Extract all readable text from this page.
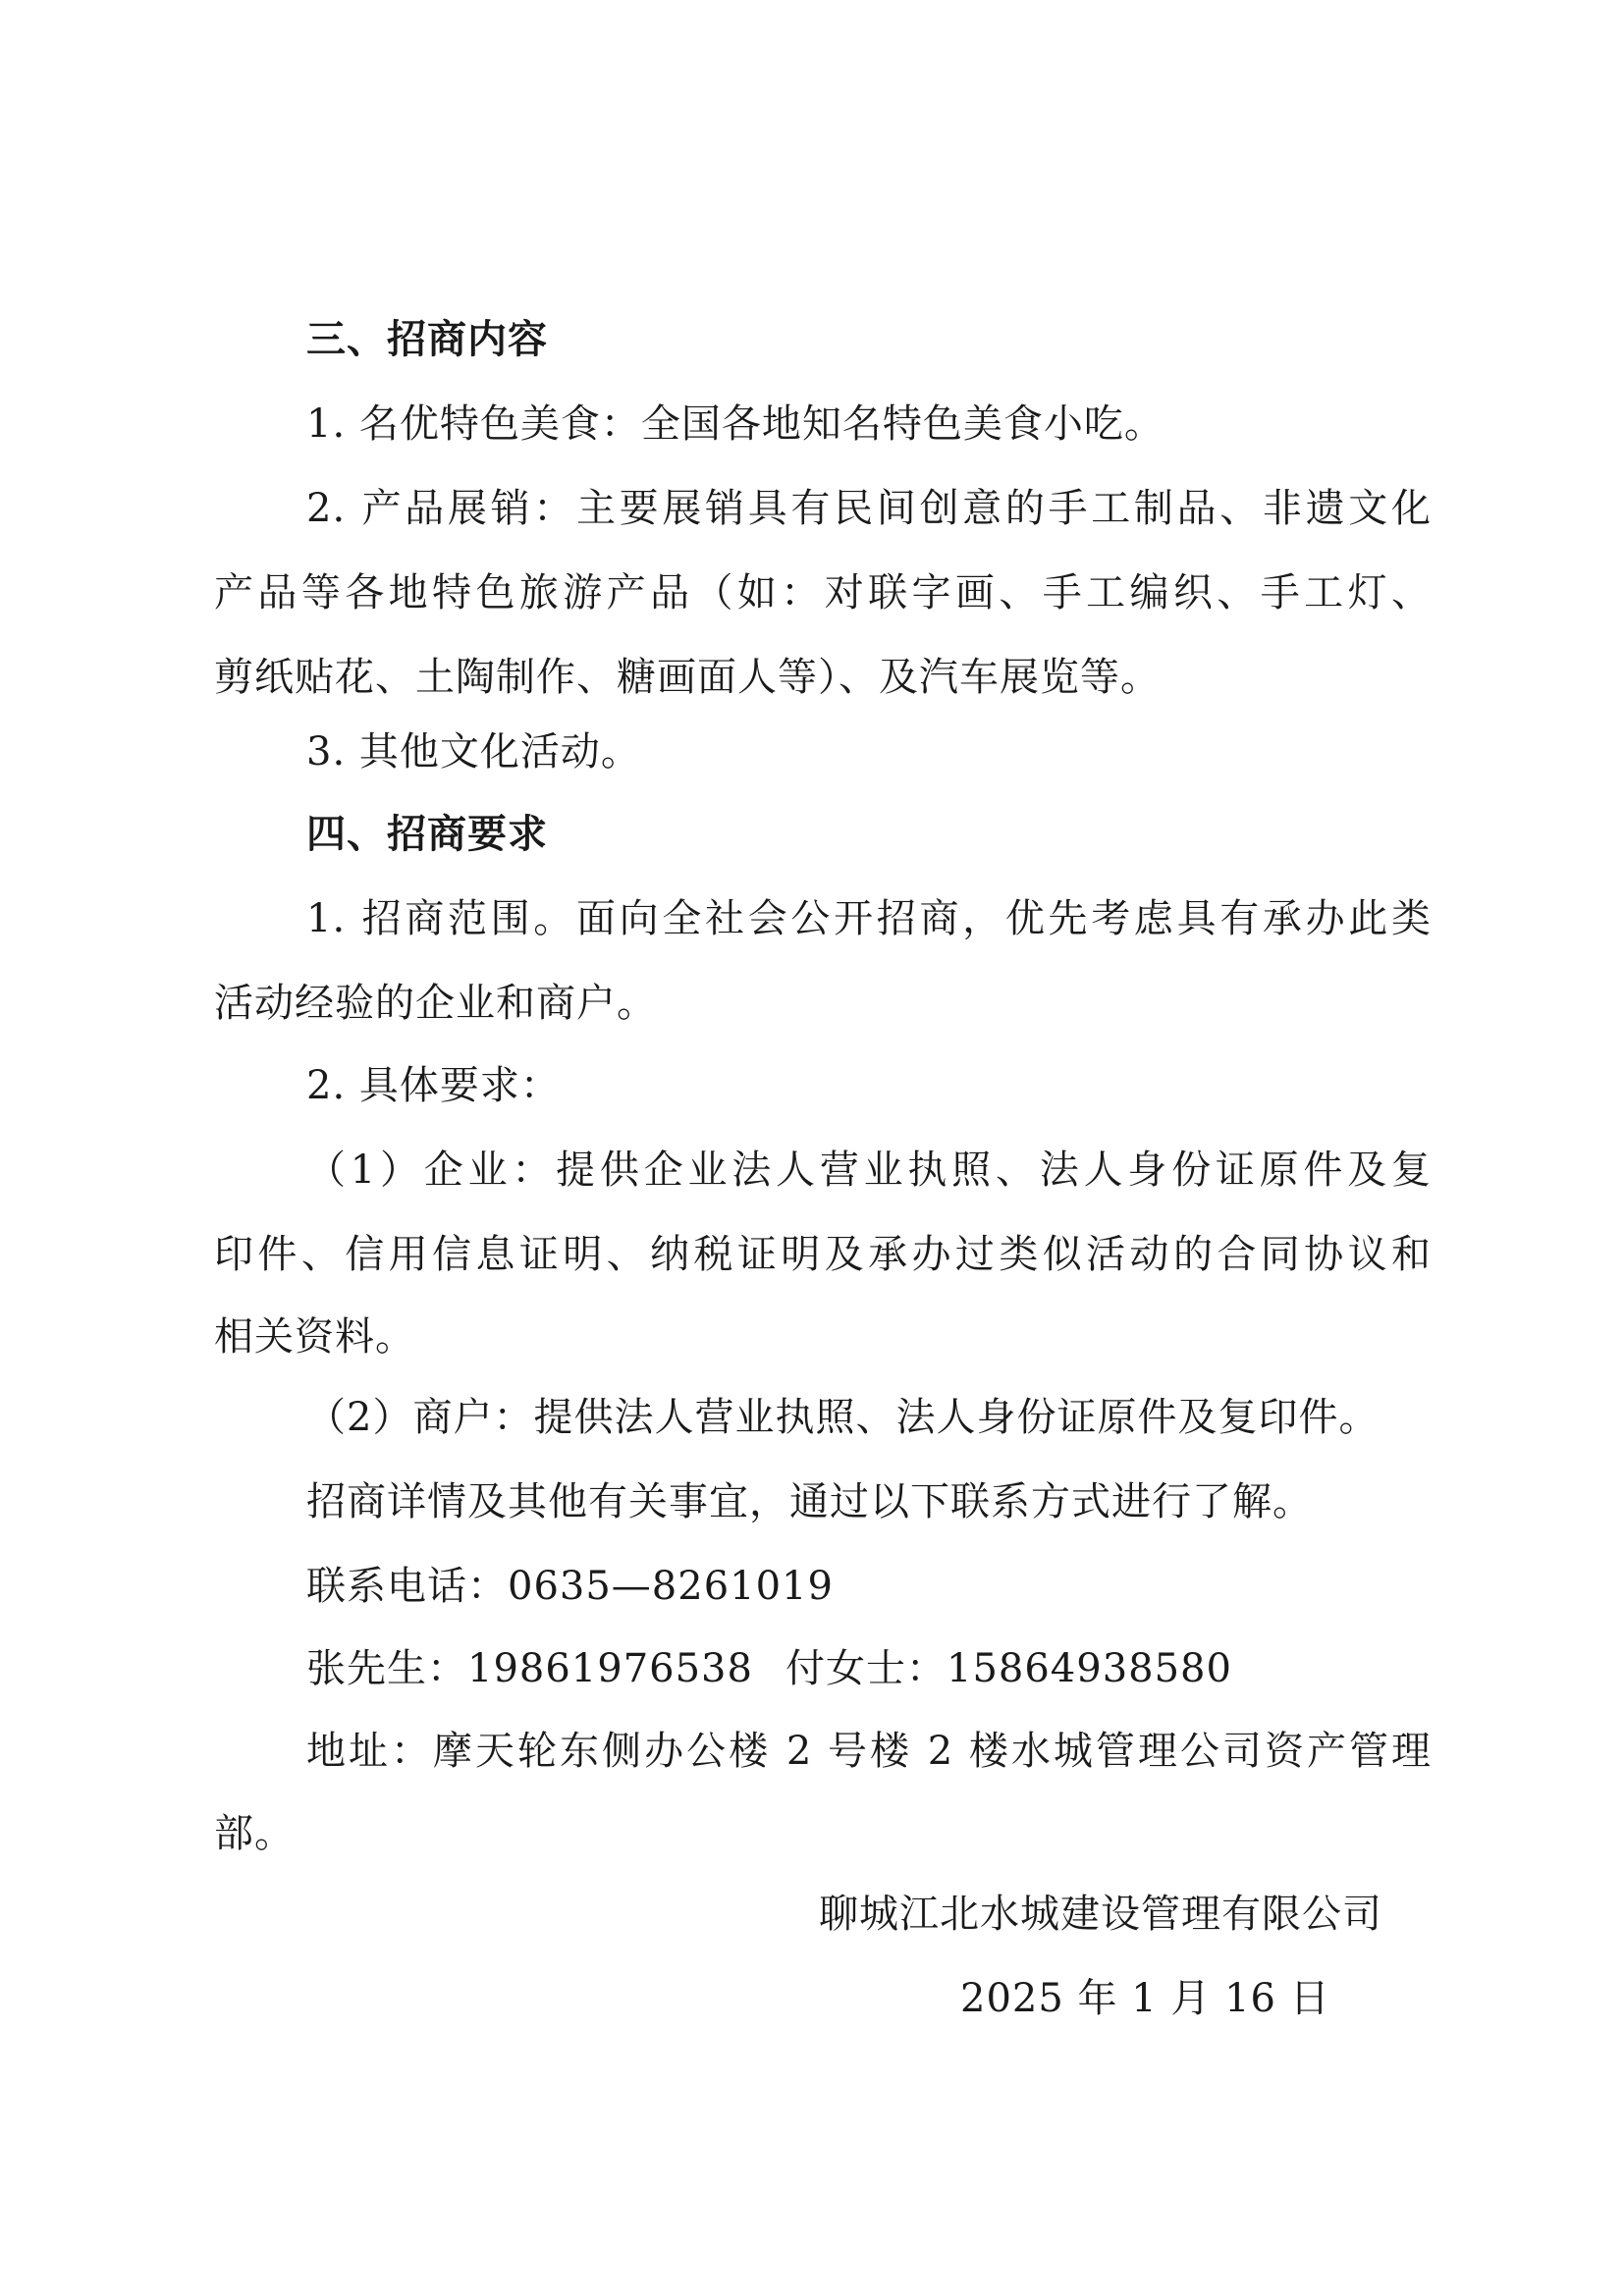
三、招商内容
1. 名优特色美食：全国各地知名特色美食小吃。
2. 产品展销：主要展销具有民间创意的手工制品、非遗文化
产品等各地特色旅游产品（如：对联字画、手工编织、手工灯、
剪纸贴花、土陶制作、糖画面人等）、及汽车展览等。
3. 其他文化活动。
四、招商要求
1. 招商范围。面向全社会公开招商，优先考虑具有承办此类
活动经验的企业和商户。
2. 具体要求：
（1）企业：提供企业法人营业执照、法人身份证原件及复
印件、信用信息证明、纳税证明及承办过类似活动的合同协议和
相关资料。
（2）商户：提供法人营业执照、法人身份证原件及复印件。
招商详情及其他有关事宜，通过以下联系方式进行了解。
联系电话：0635—8261019
张先生：19861976538 付女士：15864938580
地址：摩天轮东侧办公楼 2 号楼 2 楼水城管理公司资产管理
部。
聊城江北水城建设管理有限公司
2025 年 1 月 16 日
